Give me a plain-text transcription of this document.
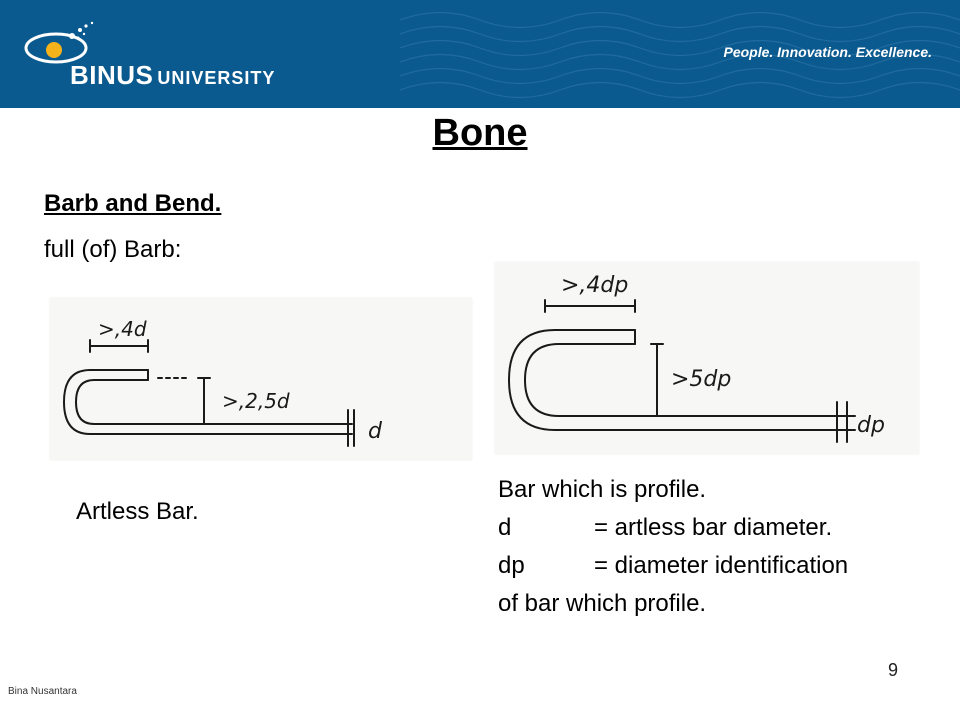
BINUS UNIVERSITY
People. Innovation. Excellence.
Bone

Barb and Bend.

full (of) Barb:

>,4d
>,2,5d
d
>,4dp
>5dp
dp

Artless Bar.

Bar which is profile.

d	= artless bar diameter.
dp	= diameter identification
of bar which profile.
Bina Nusantara
9
